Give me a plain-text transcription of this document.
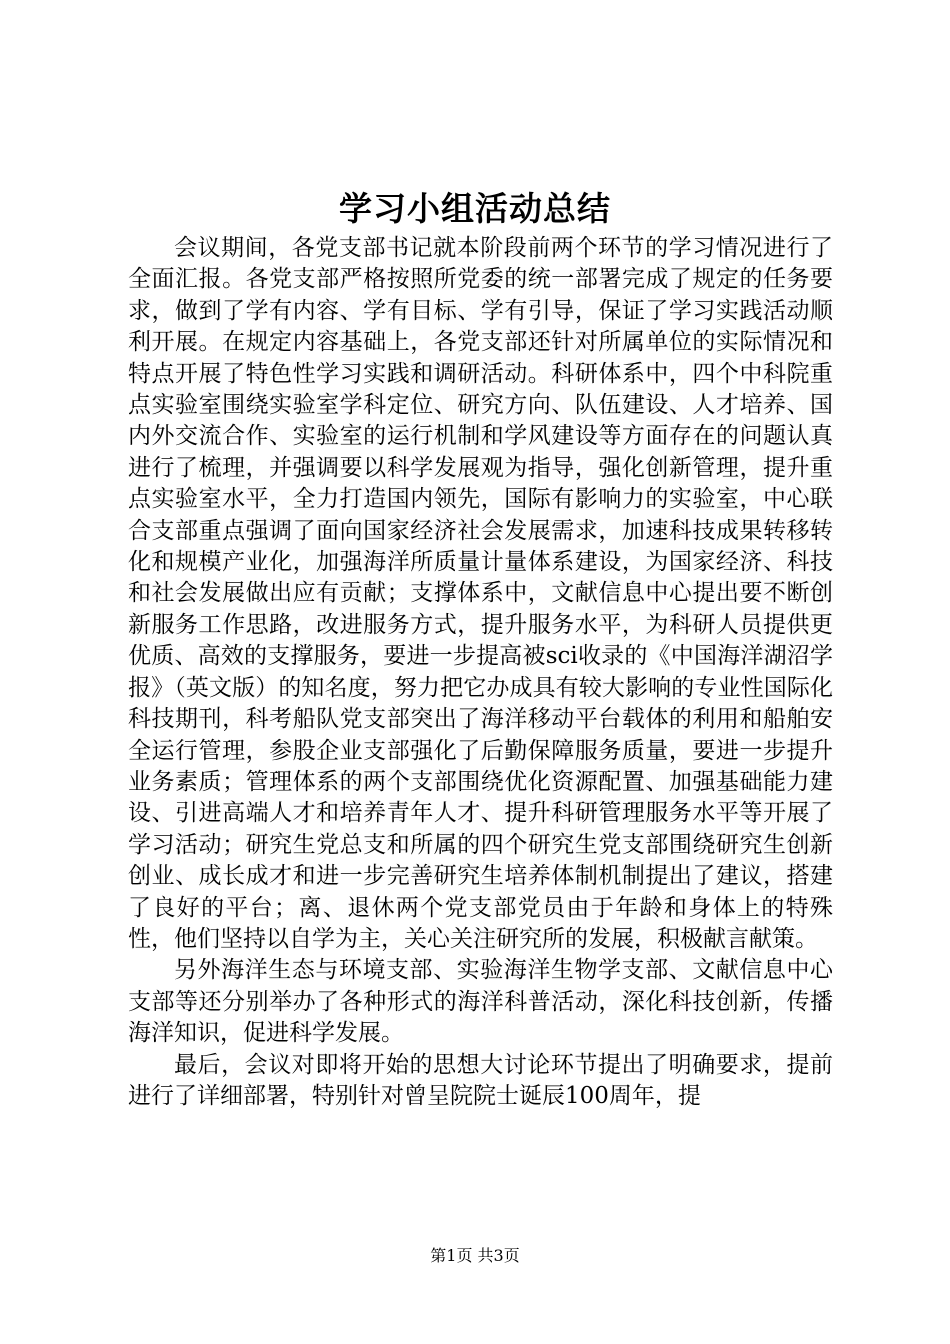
学习小组活动总结

会议期间，各党支部书记就本阶段前两个环节的学习情况进行了全面汇报。各党支部严格按照所党委的统一部署完成了规定的任务要求，做到了学有内容、学有目标、学有引导，保证了学习实践活动顺利开展。在规定内容基础上，各党支部还针对所属单位的实际情况和特点开展了特色性学习实践和调研活动。科研体系中，四个中科院重点实验室围绕实验室学科定位、研究方向、队伍建设、人才培养、国内外交流合作、实验室的运行机制和学风建设等方面存在的问题认真进行了梳理，并强调要以科学发展观为指导，强化创新管理，提升重点实验室水平，全力打造国内领先，国际有影响力的实验室，中心联合支部重点强调了面向国家经济社会发展需求，加速科技成果转移转化和规模产业化，加强海洋所质量计量体系建设，为国家经济、科技和社会发展做出应有贡献；支撑体系中，文献信息中心提出要不断创新服务工作思路，改进服务方式，提升服务水平，为科研人员提供更优质、高效的支撑服务，要进一步提高被sci收录的《中国海洋湖沼学报》（英文版）的知名度，努力把它办成具有较大影响的专业性国际化科技期刊，科考船队党支部突出了海洋移动平台载体的利用和船舶安全运行管理，参股企业支部强化了后勤保障服务质量，要进一步提升业务素质；管理体系的两个支部围绕优化资源配置、加强基础能力建设、引进高端人才和培养青年人才、提升科研管理服务水平等开展了学习活动；研究生党总支和所属的四个研究生党支部围绕研究生创新创业、成长成才和进一步完善研究生培养体制机制提出了建议，搭建了良好的平台；离、退休两个党支部党员由于年龄和身体上的特殊性，他们坚持以自学为主，关心关注研究所的发展，积极献言献策。

另外海洋生态与环境支部、实验海洋生物学支部、文献信息中心支部等还分别举办了各种形式的海洋科普活动，深化科技创新，传播海洋知识，促进科学发展。

最后，会议对即将开始的思想大讨论环节提出了明确要求，提前进行了详细部署，特别针对曾呈院院士诞辰100周年，提

第1页 共3页
